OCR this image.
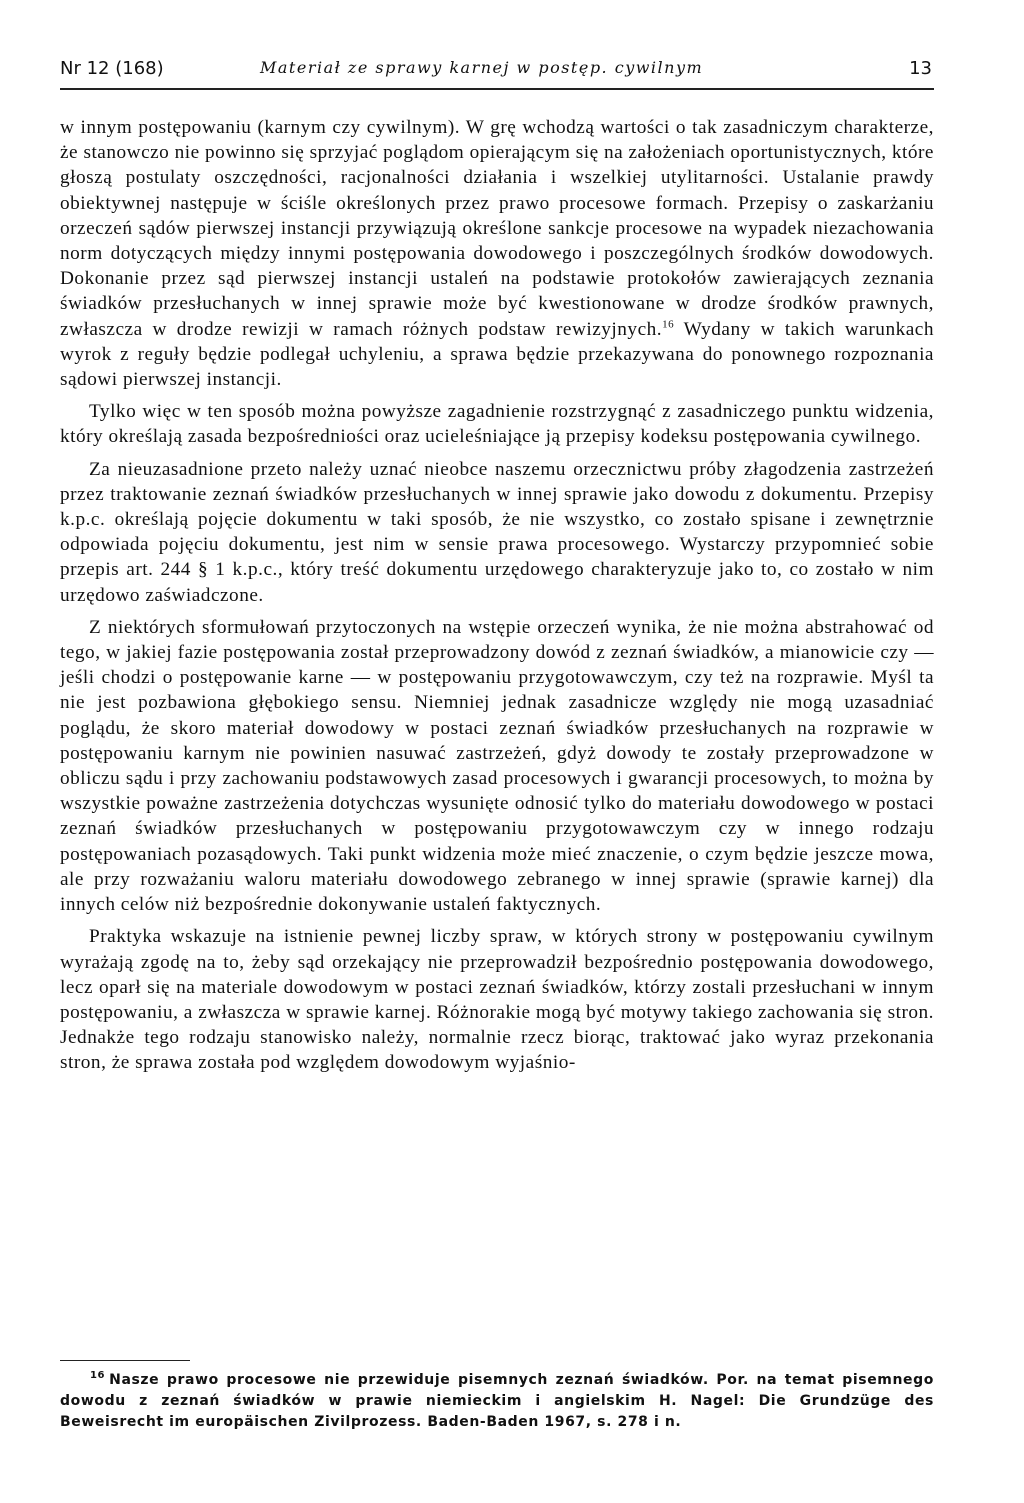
Nr 12 (168)	Materiał ze sprawy karnej w postęp. cywilnym	13

w innym postępowaniu (karnym czy cywilnym). W grę wchodzą wartości o tak zasadniczym charakterze, że stanowczo nie powinno się sprzyjać poglądom opierającym się na założeniach oportunistycznych, które głoszą postulaty oszczędności, racjonalności działania i wszelkiej utylitarności. Ustalanie prawdy obiektywnej następuje w ściśle określonych przez prawo procesowe formach. Przepisy o zaskarżaniu orzeczeń sądów pierwszej instancji przywiązują określone sankcje procesowe na wypadek niezachowania norm dotyczących między innymi postępowania dowodowego i poszczególnych środków dowodowych. Dokonanie przez sąd pierwszej instancji ustaleń na podstawie protokołów zawierających zeznania świadków przesłuchanych w innej sprawie może być kwestionowane w drodze środków prawnych, zwłaszcza w drodze rewizji w ramach różnych podstaw rewizyjnych.$^{16}$ Wydany w takich warunkach wyrok z reguły będzie podlegał uchyleniu, a sprawa będzie przekazywana do ponownego rozpoznania sądowi pierwszej instancji.

Tylko więc w ten sposób można powyższe zagadnienie rozstrzygnąć z zasadniczego punktu widzenia, który określają zasada bezpośredniości oraz ucieleśniające ją przepisy kodeksu postępowania cywilnego.

Za nieuzasadnione przeto należy uznać nieobce naszemu orzecznictwu próby złagodzenia zastrzeżeń przez traktowanie zeznań świadków przesłuchanych w innej sprawie jako dowodu z dokumentu. Przepisy k.p.c. określają pojęcie dokumentu w taki sposób, że nie wszystko, co zostało spisane i zewnętrznie odpowiada pojęciu dokumentu, jest nim w sensie prawa procesowego. Wystarczy przypomnieć sobie przepis art. 244 § 1 k.p.c., który treść dokumentu urzędowego charakteryzuje jako to, co zostało w nim urzędowo zaświadczone.

Z niektórych sformułowań przytoczonych na wstępie orzeczeń wynika, że nie można abstrahować od tego, w jakiej fazie postępowania został przeprowadzony dowód z zeznań świadków, a mianowicie czy — jeśli chodzi o postępowanie karne — w postępowaniu przygotowawczym, czy też na rozprawie. Myśl ta nie jest pozbawiona głębokiego sensu. Niemniej jednak zasadnicze względy nie mogą uzasadniać poglądu, że skoro materiał dowodowy w postaci zeznań świadków przesłuchanych na rozprawie w postępowaniu karnym nie powinien nasuwać zastrzeżeń, gdyż dowody te zostały przeprowadzone w obliczu sądu i przy zachowaniu podstawowych zasad procesowych i gwarancji procesowych, to można by wszystkie poważne zastrzeżenia dotychczas wysunięte odnosić tylko do materiału dowodowego w postaci zeznań świadków przesłuchanych w postępowaniu przygotowawczym czy w innego rodzaju postępowaniach pozasądowych. Taki punkt widzenia może mieć znaczenie, o czym będzie jeszcze mowa, ale przy rozważaniu waloru materiału dowodowego zebranego w innej sprawie (sprawie karnej) dla innych celów niż bezpośrednie dokonywanie ustaleń faktycznych.

Praktyka wskazuje na istnienie pewnej liczby spraw, w których strony w postępowaniu cywilnym wyrażają zgodę na to, żeby sąd orzekający nie przeprowadził bezpośrednio postępowania dowodowego, lecz oparł się na materiale dowodowym w postaci zeznań świadków, którzy zostali przesłuchani w innym postępowaniu, a zwłaszcza w sprawie karnej. Różnorakie mogą być motywy takiego zachowania się stron. Jednakże tego rodzaju stanowisko należy, normalnie rzecz biorąc, traktować jako wyraz przekonania stron, że sprawa została pod względem dowodowym wyjaśnio-

$^{16}$ Nasze prawo procesowe nie przewiduje pisemnych zeznań świadków. Por. na temat pisemnego dowodu z zeznań świadków w prawie niemieckim i angielskim H. Nagel: Die Grundzüge des Beweisrecht im europäischen Zivilprozess. Baden-Baden 1967, s. 278 i n.
